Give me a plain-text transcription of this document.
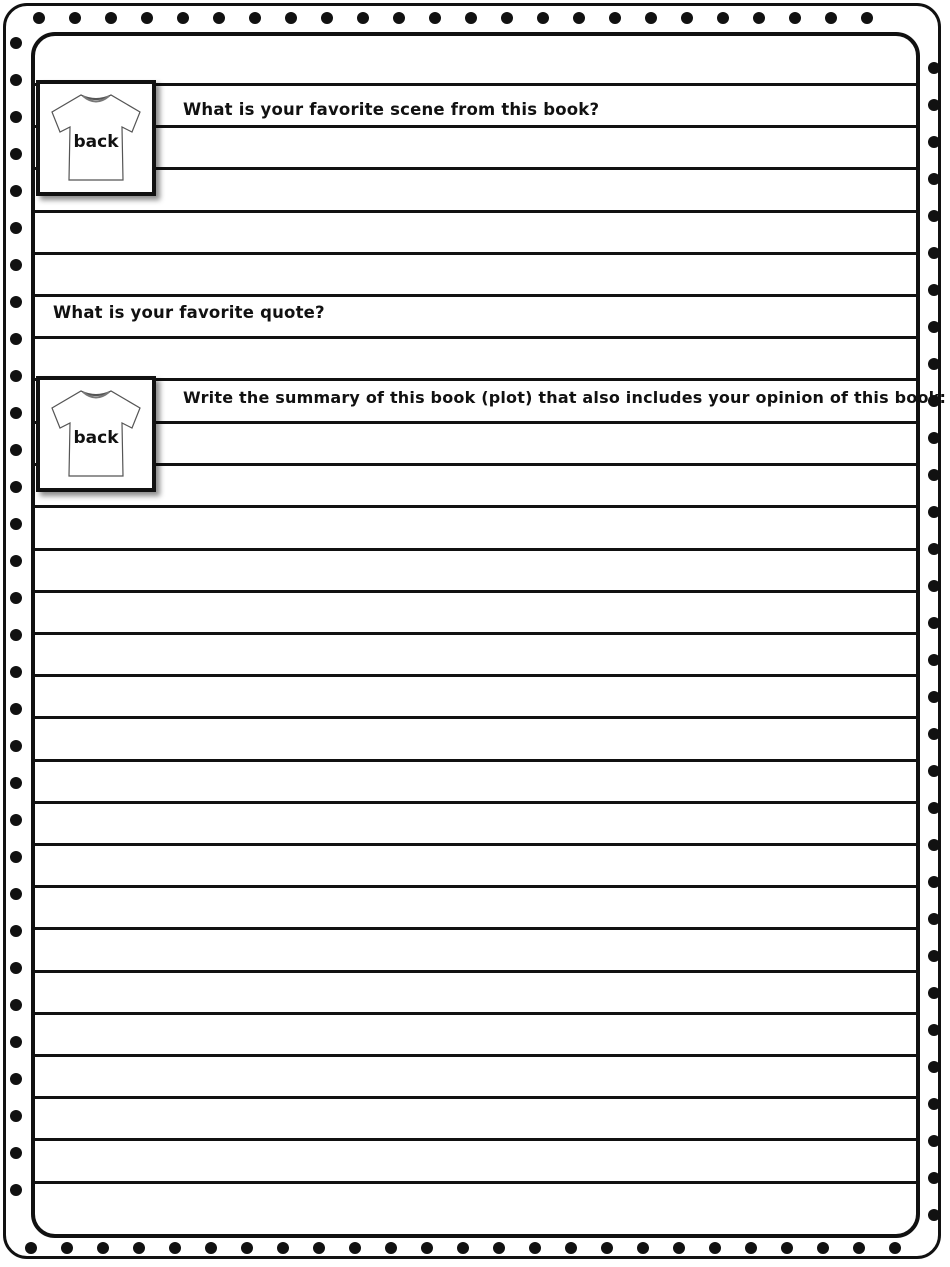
back
What is your favorite scene from this book?
What is your favorite quote?
back
Write the summary of this book (plot) that also includes your opinion of this book:
